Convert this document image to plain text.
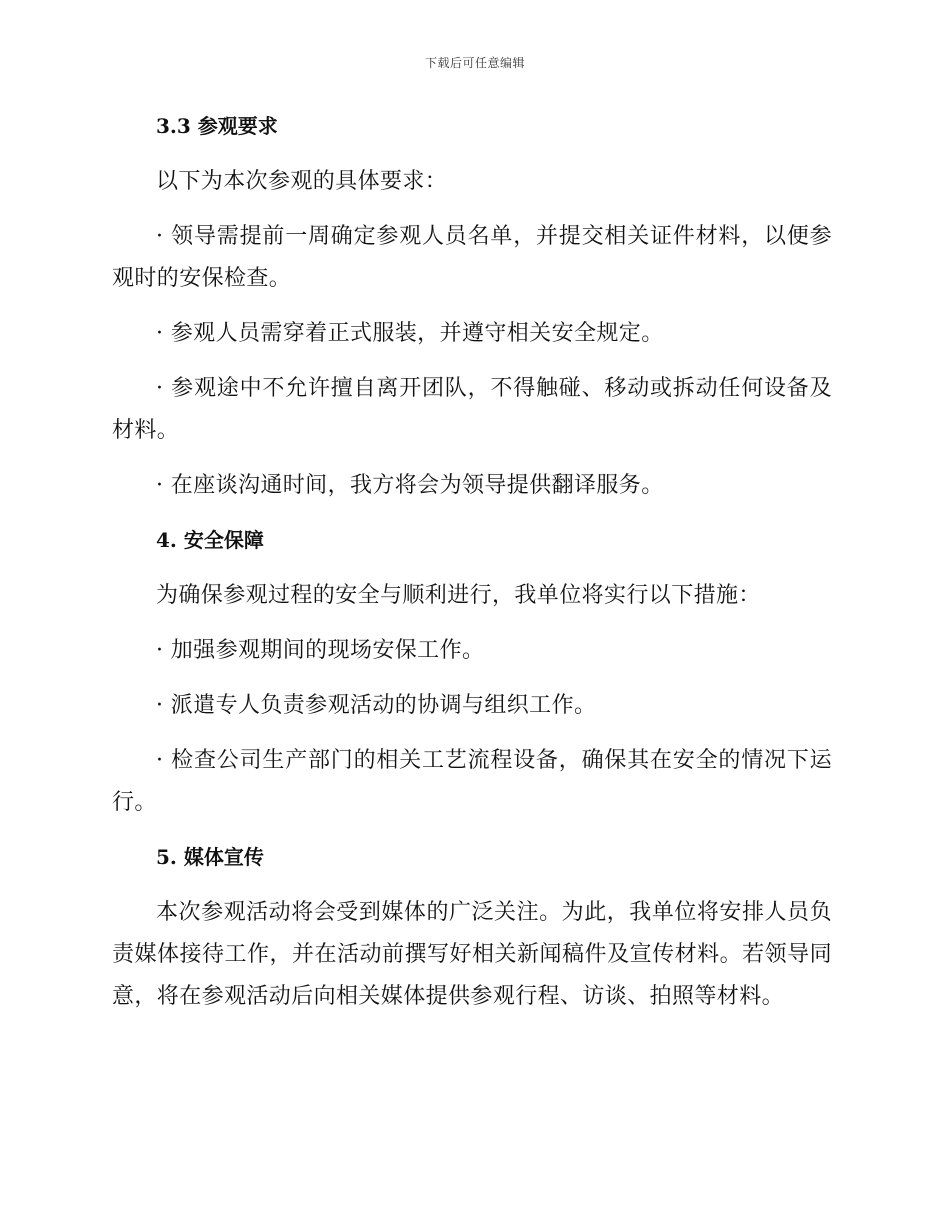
下载后可任意编辑
3.3 参观要求

以下为本次参观的具体要求：

· 领导需提前一周确定参观人员名单，并提交相关证件材料，以便参观时的安保检查。

· 参观人员需穿着正式服装，并遵守相关安全规定。

· 参观途中不允许擅自离开团队，不得触碰、移动或拆动任何设备及材料。

· 在座谈沟通时间，我方将会为领导提供翻译服务。

4. 安全保障

为确保参观过程的安全与顺利进行，我单位将实行以下措施：

· 加强参观期间的现场安保工作。

· 派遣专人负责参观活动的协调与组织工作。

· 检查公司生产部门的相关工艺流程设备，确保其在安全的情况下运行。

5. 媒体宣传

本次参观活动将会受到媒体的广泛关注。为此，我单位将安排人员负责媒体接待工作，并在活动前撰写好相关新闻稿件及宣传材料。若领导同意，将在参观活动后向相关媒体提供参观行程、访谈、拍照等材料。
